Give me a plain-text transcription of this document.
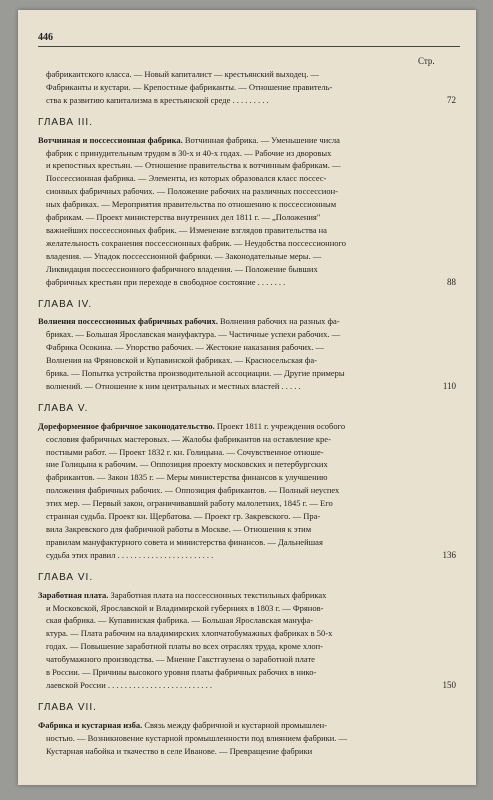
446
Стр.
фабрикантского класса. — Новый капиталист — крестьянский выходец. —
Фабриканты и кустари. — Крепостные фабриканты. — Отношение правитель-
ства к развитию капитализма в крестьянской среде . . . . . . . . .	72
ГЛАВА III.
Вотчинная и поссессионная фабрика. Вотчинная фабрика. — Уменьшение числа
фабрик с принудительным трудом в 30-х и 40-х годах. — Рабочие из дворовых
и крепостных крестьян. — Отношение правительства к вотчинным фабрикам. —
Поссессионная фабрика. — Элементы, из которых образовался класс поссес-
сионных фабричных рабочих. — Положение рабочих на различных поссессион-
ных фабриках. — Мероприятия правительства по отношению к поссессионным
фабрикам. — Проект министерства внутренних дел 1811 г. — „Положения"
важнейших поссессионных фабрик. — Изменение взглядов правительства на
желательность сохранения поссессионных фабрик. — Неудобства поссессионного
владения. — Упадок поссессионной фабрики. — Законодательные меры. —
Ликвидация поссессионного фабричного владения. — Положение бывших
фабричных крестьян при переходе в свободное состояние . . . . . . .	88
ГЛАВА IV.
Волнения поссессионных фабричных рабочих. Волнения рабочих на разных фа-
бриках. — Большая Ярославская мануфактура. — Частичные успехи рабочих. —
Фабрика Осокина. — Упорство рабочих. — Жестокие наказания рабочих. —
Волнения на Фряновской и Купавинской фабриках. — Красносельская фа-
брика. — Попытка устройства производительной ассоциации. — Другие примеры
волнений. — Отношение к ним центральных и местных властей . . . . .	110
ГЛАВА V.
Дореформенное фабричное законодательство. Проект 1811 г. учреждения особого
сословия фабричных мастеровых. — Жалобы фабрикантов на оставление кре-
постными работ. — Проект 1832 г. кн. Голицына. — Сочувственное отноше-
ние Голицына к рабочим. — Оппозиция проекту московских и петербургских
фабрикантов. — Закон 1835 г. — Меры министерства финансов к улучшению
положения фабричных рабочих. — Оппозиция фабрикантов. — Полный неуспех
этих мер. — Первый закон, ограничивавший работу малолетних, 1845 г. — Его
странная судьба. Проект кн. Щербатова. — Проект гр. Закревского. — Пра-
вила Закревского для фабричной работы в Москве. — Отношения к этим
правилам мануфактурного совета и министерства финансов. — Дальнейшая
судьба этих правил . . . . . . . . . . . . . . . . . . . . . . .	136
ГЛАВА VI.
Заработная плата. Заработная плата на поссессионных текстильных фабриках
и Московской, Ярославской и Владимирской губерниях в 1803 г. — Фрянов-
ская фабрика. — Купавинская фабрика. — Большая Ярославская мануфа-
ктура. — Плата рабочим на владимирских хлопчатобумажных фабриках в 50-х
годах. — Повышение заработной платы во всех отраслях труда, кроме хлоп-
чатобумажного производства. — Мнение Гакстгаузена о заработной плате
в России. — Причины высокого уровня платы фабричных рабочих в нико-
лаевской России . . . . . . . . . . . . . . . . . . . . . . . . .	150
ГЛАВА VII.
Фабрика и кустарная изба. Связь между фабричной и кустарной промышлен-
ностью. — Возникновение кустарной промышленности под влиянием фабрики. —
Кустарная набойка и ткачество в селе Иванове. — Превращение фабрики
